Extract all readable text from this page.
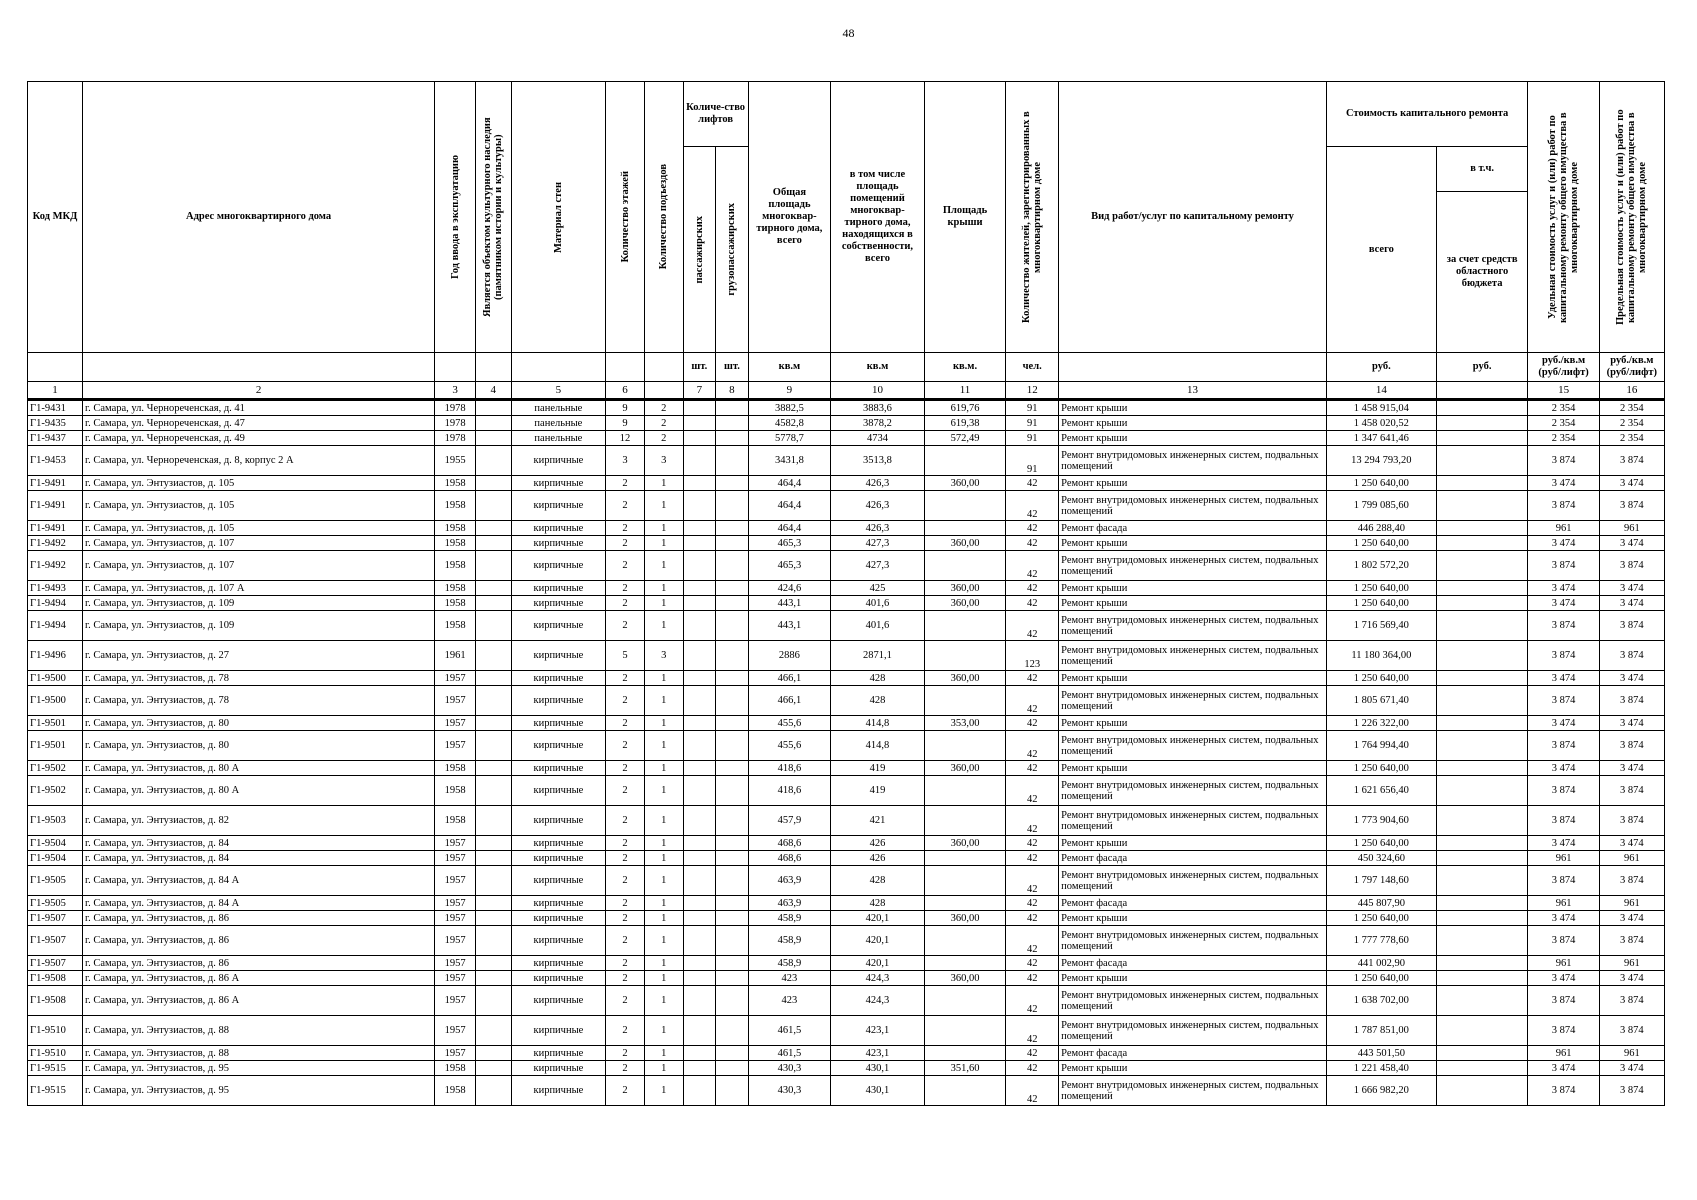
48
Код МКД	Адрес многоквартирного дома	Год ввода в эксплуатацию	Является объектом культурного наследия (памятником истории и культуры)	Материал стен	Количество этажей	Количество подъездов	Количе-ство лифтов		Общая площадь многоквар-тирного дома, всего	в том числе площадь помещений многоквар-тирного дома, находящихся в собственности, всего	Площадь крыши	Количество жителей, зарегистрированных в многоквартирном доме	Вид работ/услуг по капитальному ремонту	Стоимость капитального ремонта		Удельная стоимость услуг и (или) работ по капитальному ремонту общего имущества в многоквартирном доме	Предельная стоимость услуг и (или) работ по капитальному ремонту общего имущества в многоквартирном доме

							пассажирских	грузопассажирских						всего	в т.ч.		
															за счет средств областного бюджета		
							шт.	шт.	кв.м	кв.м	кв.м.	чел.		руб.	руб.	руб./кв.м (руб/лифт)	руб./кв.м (руб/лифт)
1	2	3	4	5	6		7	8	9	10	11	12	13	14		15	16
Г1-9431	г. Самара, ул. Чернореченская, д. 41	1978		панельные	9	2			3882,5	3883,6	619,76	91	Ремонт крыши	1 458 915,04		2 354	2 354
Г1-9435	г. Самара, ул. Чернореченская, д. 47	1978		панельные	9	2			4582,8	3878,2	619,38	91	Ремонт крыши	1 458 020,52		2 354	2 354
Г1-9437	г. Самара, ул. Чернореченская, д. 49	1978		панельные	12	2			5778,7	4734	572,49	91	Ремонт крыши	1 347 641,46		2 354	2 354
Г1-9453	г. Самара, ул. Чернореченская, д. 8, корпус 2 А	1955		кирпичные	3	3			3431,8	3513,8		91	Ремонт внутридомовых инженерных систем, подвальных помещений	13 294 793,20		3 874	3 874
Г1-9491	г. Самара, ул. Энтузиастов, д. 105	1958		кирпичные	2	1			464,4	426,3	360,00	42	Ремонт крыши	1 250 640,00		3 474	3 474
Г1-9491	г. Самара, ул. Энтузиастов, д. 105	1958		кирпичные	2	1			464,4	426,3		42	Ремонт внутридомовых инженерных систем, подвальных помещений	1 799 085,60		3 874	3 874
Г1-9491	г. Самара, ул. Энтузиастов, д. 105	1958		кирпичные	2	1			464,4	426,3		42	Ремонт фасада	446 288,40		961	961
Г1-9492	г. Самара, ул. Энтузиастов, д. 107	1958		кирпичные	2	1			465,3	427,3	360,00	42	Ремонт крыши	1 250 640,00		3 474	3 474
Г1-9492	г. Самара, ул. Энтузиастов, д. 107	1958		кирпичные	2	1			465,3	427,3		42	Ремонт внутридомовых инженерных систем, подвальных помещений	1 802 572,20		3 874	3 874
Г1-9493	г. Самара, ул. Энтузиастов, д. 107 А	1958		кирпичные	2	1			424,6	425	360,00	42	Ремонт крыши	1 250 640,00		3 474	3 474
Г1-9494	г. Самара, ул. Энтузиастов, д. 109	1958		кирпичные	2	1			443,1	401,6	360,00	42	Ремонт крыши	1 250 640,00		3 474	3 474
Г1-9494	г. Самара, ул. Энтузиастов, д. 109	1958		кирпичные	2	1			443,1	401,6		42	Ремонт внутридомовых инженерных систем, подвальных помещений	1 716 569,40		3 874	3 874
Г1-9496	г. Самара, ул. Энтузиастов, д. 27	1961		кирпичные	5	3			2886	2871,1		123	Ремонт внутридомовых инженерных систем, подвальных помещений	11 180 364,00		3 874	3 874
Г1-9500	г. Самара, ул. Энтузиастов, д. 78	1957		кирпичные	2	1			466,1	428	360,00	42	Ремонт крыши	1 250 640,00		3 474	3 474
Г1-9500	г. Самара, ул. Энтузиастов, д. 78	1957		кирпичные	2	1			466,1	428		42	Ремонт внутридомовых инженерных систем, подвальных помещений	1 805 671,40		3 874	3 874
Г1-9501	г. Самара, ул. Энтузиастов, д. 80	1957		кирпичные	2	1			455,6	414,8	353,00	42	Ремонт крыши	1 226 322,00		3 474	3 474
Г1-9501	г. Самара, ул. Энтузиастов, д. 80	1957		кирпичные	2	1			455,6	414,8		42	Ремонт внутридомовых инженерных систем, подвальных помещений	1 764 994,40		3 874	3 874
Г1-9502	г. Самара, ул. Энтузиастов, д. 80 А	1958		кирпичные	2	1			418,6	419	360,00	42	Ремонт крыши	1 250 640,00		3 474	3 474
Г1-9502	г. Самара, ул. Энтузиастов, д. 80 А	1958		кирпичные	2	1			418,6	419		42	Ремонт внутридомовых инженерных систем, подвальных помещений	1 621 656,40		3 874	3 874
Г1-9503	г. Самара, ул. Энтузиастов, д. 82	1958		кирпичные	2	1			457,9	421		42	Ремонт внутридомовых инженерных систем, подвальных помещений	1 773 904,60		3 874	3 874
Г1-9504	г. Самара, ул. Энтузиастов, д. 84	1957		кирпичные	2	1			468,6	426	360,00	42	Ремонт крыши	1 250 640,00		3 474	3 474
Г1-9504	г. Самара, ул. Энтузиастов, д. 84	1957		кирпичные	2	1			468,6	426		42	Ремонт фасада	450 324,60		961	961
Г1-9505	г. Самара, ул. Энтузиастов, д. 84 А	1957		кирпичные	2	1			463,9	428		42	Ремонт внутридомовых инженерных систем, подвальных помещений	1 797 148,60		3 874	3 874
Г1-9505	г. Самара, ул. Энтузиастов, д. 84 А	1957		кирпичные	2	1			463,9	428		42	Ремонт фасада	445 807,90		961	961
Г1-9507	г. Самара, ул. Энтузиастов, д. 86	1957		кирпичные	2	1			458,9	420,1	360,00	42	Ремонт крыши	1 250 640,00		3 474	3 474
Г1-9507	г. Самара, ул. Энтузиастов, д. 86	1957		кирпичные	2	1			458,9	420,1		42	Ремонт внутридомовых инженерных систем, подвальных помещений	1 777 778,60		3 874	3 874
Г1-9507	г. Самара, ул. Энтузиастов, д. 86	1957		кирпичные	2	1			458,9	420,1		42	Ремонт фасада	441 002,90		961	961
Г1-9508	г. Самара, ул. Энтузиастов, д. 86 А	1957		кирпичные	2	1			423	424,3	360,00	42	Ремонт крыши	1 250 640,00		3 474	3 474
Г1-9508	г. Самара, ул. Энтузиастов, д. 86 А	1957		кирпичные	2	1			423	424,3		42	Ремонт внутридомовых инженерных систем, подвальных помещений	1 638 702,00		3 874	3 874
Г1-9510	г. Самара, ул. Энтузиастов, д. 88	1957		кирпичные	2	1			461,5	423,1		42	Ремонт внутридомовых инженерных систем, подвальных помещений	1 787 851,00		3 874	3 874
Г1-9510	г. Самара, ул. Энтузиастов, д. 88	1957		кирпичные	2	1			461,5	423,1		42	Ремонт фасада	443 501,50		961	961
Г1-9515	г. Самара, ул. Энтузиастов, д. 95	1958		кирпичные	2	1			430,3	430,1	351,60	42	Ремонт крыши	1 221 458,40		3 474	3 474
Г1-9515	г. Самара, ул. Энтузиастов, д. 95	1958		кирпичные	2	1			430,3	430,1		42	Ремонт внутридомовых инженерных систем, подвальных помещений	1 666 982,20		3 874	3 874
